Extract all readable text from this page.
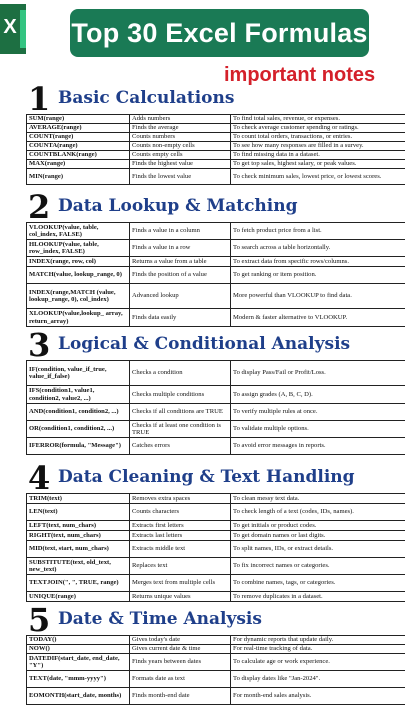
X Top 30 Excel Formulas
important notes
1 Basic Calculations
SUM(range)	Adds numbers	To find total sales, revenue, or expenses.
AVERAGE(range)	Finds the average	To check average customer spending or ratings.
COUNT(range)	Counts numbers	To count total orders, transactions, or entries.
COUNTA(range)	Counts non-empty cells	To see how many responses are filled in a survey.
COUNTBLANK(range)	Counts empty cells	To find missing data in a dataset.
MAX(range)	Finds the highest value	To get top sales, highest salary, or peak values.
MIN(range)	Finds the lowest value	To check minimum sales, lowest price, or lowest scores.
2 Data Lookup & Matching
VLOOKUP(value, table, col_index, FALSE)	Finds a value in a column	To fetch product price from a list.
HLOOKUP(value, table, row_index, FALSE)	Finds a value in a row	To search across a table horizontally.
INDEX(range, row, col)	Returns a value from a table	To extract data from specific rows/columns.
MATCH(value, lookup_range, 0)	Finds the position of a value	To get ranking or item position.
INDEX(range,MATCH (value, lookup_range, 0), col_index)	Advanced lookup	More powerful than VLOOKUP to find data.
XLOOKUP(value,lookup_ array, return_array)	Finds data easily	Modern & faster alternative to VLOOKUP.
3 Logical & Conditional Analysis
IF(condition, value_if_true, value_if_false)	Checks a condition	To display Pass/Fail or Profit/Loss.
IFS(condition1, value1, condition2, value2, ...)	Checks multiple conditions	To assign grades (A, B, C, D).
AND(condition1, condition2, ...)	Checks if all conditions are TRUE	To verify multiple rules at once.
OR(condition1, condition2, ...)	Checks if at least one condition is TRUE	To validate multiple options.
IFERROR(formula, "Message")	Catches errors	To avoid error messages in reports.
4 Data Cleaning & Text Handling
TRIM(text)	Removes extra spaces	To clean messy text data.
LEN(text)	Counts characters	To check length of a text (codes, IDs, names).
LEFT(text, num_chars)	Extracts first letters	To get initials or product codes.
RIGHT(text, num_chars)	Extracts last letters	To get domain names or last digits.
MID(text, start, num_chars)	Extracts middle text	To split names, IDs, or extract details.
SUBSTITUTE(text, old_text, new_text)	Replaces text	To fix incorrect names or categories.
TEXTJOIN(", ", TRUE, range)	Merges text from multiple cells	To combine names, tags, or categories.
UNIQUE(range)	Returns unique values	To remove duplicates in a dataset.
5 Date & Time Analysis
TODAY()	Gives today's date	For dynamic reports that update daily.
NOW()	Gives current date & time	For real-time tracking of data.
DATEDIF(start_date, end_date, "Y")	Finds years between dates	To calculate age or work experience.
TEXT(date, "mmm-yyyy")	Formats date as text	To display dates like "Jan-2024".
EOMONTH(start_date, months)	Finds month-end date	For month-end sales analysis.
